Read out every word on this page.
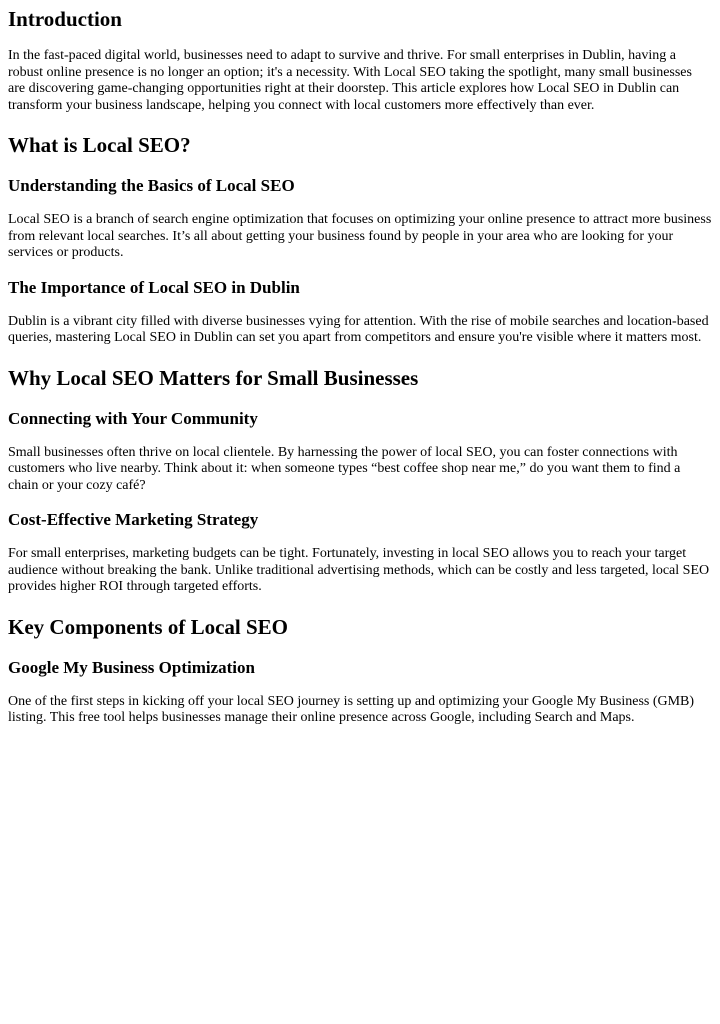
Introduction

In the fast-paced digital world, businesses need to adapt to survive and thrive. For small enterprises in Dublin, having a robust online presence is no longer an option; it's a necessity. With Local SEO taking the spotlight, many small businesses are discovering game-changing opportunities right at their doorstep. This article explores how Local SEO in Dublin can transform your business landscape, helping you connect with local customers more effectively than ever.

What is Local SEO?
Understanding the Basics of Local SEO

Local SEO is a branch of search engine optimization that focuses on optimizing your online presence to attract more business from relevant local searches. It’s all about getting your business found by people in your area who are looking for your services or products.

The Importance of Local SEO in Dublin

Dublin is a vibrant city filled with diverse businesses vying for attention. With the rise of mobile searches and location-based queries, mastering Local SEO in Dublin can set you apart from competitors and ensure you're visible where it matters most.

Why Local SEO Matters for Small Businesses
Connecting with Your Community

Small businesses often thrive on local clientele. By harnessing the power of local SEO, you can foster connections with customers who live nearby. Think about it: when someone types “best coffee shop near me,” do you want them to find a chain or your cozy café?

Cost-Effective Marketing Strategy

For small enterprises, marketing budgets can be tight. Fortunately, investing in local SEO allows you to reach your target audience without breaking the bank. Unlike traditional advertising methods, which can be costly and less targeted, local SEO provides higher ROI through targeted efforts.

Key Components of Local SEO
Google My Business Optimization

One of the first steps in kicking off your local SEO journey is setting up and optimizing your Google My Business (GMB) listing. This free tool helps businesses manage their online presence across Google, including Search and Maps.
